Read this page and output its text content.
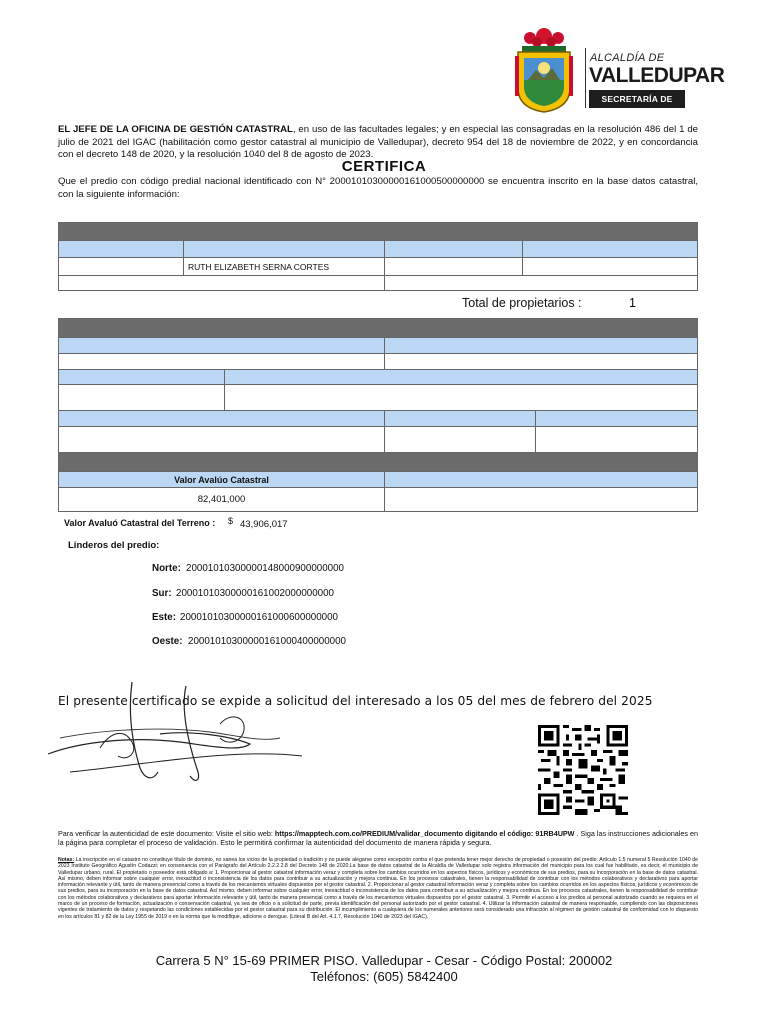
ALCALDÍA DE
VALLEDUPAR
SECRETARÍA DE HACIENDA
EL JEFE DE LA OFICINA DE GESTIÓN CATASTRAL, en uso de las facultades legales; y en especial las consagradas en la resolución 486 del 1 de julio de 2021 del IGAC (habilitación como gestor catastral al municipio de Valledupar), decreto 954 del 18 de noviembre de 2022, y en concordancia con el decreto 148 de 2020, y la resolución 1040 del 8 de agosto de 2023.
CERTIFICA
Que el predio con código predial nacional identificado con N° 20001010300000161000500000000 se encuentra inscrito en la base datos catastral, con la siguiente información:

	RUTH ELIZABETH SERNA CORTES		

Total de propietarios :	1

Valor Avalúo Catastral	
82,401,000	
Valor Avaluó Catastral del Terreno : $ 43,906,017
Linderos del predio:
Norte: 20001010300000148000900000000
Sur: 20001010300000161002000000000
Este: 20001010300000161000600000000
Oeste: 20001010300000161000400000000
El presente certificado se expide a solicitud del interesado a los 05 del mes de febrero del 2025
Para verificar la autenticidad de este documento: Visite el sitio web: https://mapptech.com.co/PREDIUM/validar_documento digitando el código: 91RB4UPW . Siga las instrucciones adicionales en la página para completar el proceso de validación. Esto le permitirá confirmar la autenticidad del documento de manera rápida y segura.
Notas: La inscripción en el catastro no constituye título de dominio, no sanea los vicios de la propiedad o tradición y no puede alegarse como excepción contra el que pretenda tener mejor derecho de propiedad o posesión del predio. Artículo 1.5 numeral 5 Resolución 1040 de 2023 Instituto Geográfico Agustín Codazzi; en consonancia con el Parágrafo del Artículo 2.2.2.2.8 del Decreto 148 de 2020.La base de datos catastral de la Alcaldía de Valledupar solo registra información del municipio para los cual fue habilitado, es decir, el municipio de Valledupar urbano, rural. El propietario o poseedor está obligado a: 1. Proporcionar al gestor catastral información veraz y completa sobre los cambios ocurridos en los aspectos físicos, jurídicos y económicos de sus predios, para su incorporación en la base de datos catastral. Así mismo, deben informar sobre cualquier error, inexactitud o inconsistencia de los datos para contribuir a su actualización y mejora continua. En los procesos catastrales, tienen la responsabilidad de contribuir con los métodos colaborativos y declarativos para aportar información relevante y útil, tanto de manera presencial como a través de los mecanismos virtuales dispuestos por el gestor catastral. 2. Proporcionar al gestor catastral información veraz y completa sobre los cambios ocurridos en los aspectos físicos, jurídicos y económicos de sus predios, para su incorporación en la base de datos catastral. Así mismo, deben informar sobre cualquier error, inexactitud o inconsistencia de los datos para contribuir a su actualización y mejora continua. En los procesos catastrales, tienen la responsabilidad de contribuir con los métodos colaborativos y declarativos para aportar información relevante y útil, tanto de manera presencial como a través de los mecanismos virtuales dispuestos por el gestor catastral. 3. Permitir el acceso a los predios al personal autorizado cuando se requiera en el marco de un proceso de formación, actualización o conservación catastral, ya sea de oficio o a solicitud de parte, previa identificación del personal autorizado por el gestor catastral. 4. Utilizar la información catastral de manera responsable, cumpliendo con las disposiciones vigentes de tratamiento de datos y respetando las condiciones establecidas por el gestor catastral para su distribución. El incumplimiento a cualquiera de los numerales anteriores será considerado una infracción al régimen de gestión catastral de conformidad con lo dispuesto en los artículos 81 y 82 de la Ley 1955 de 2019 o en la norma que la modifique, adicione o derogue. (Literal B del Art. 4.1.7, Resolución 1040 de 2023 del IGAC).
Carrera 5 N° 15-69 PRIMER PISO. Valledupar - Cesar - Código Postal: 200002
Teléfonos: (605) 5842400
